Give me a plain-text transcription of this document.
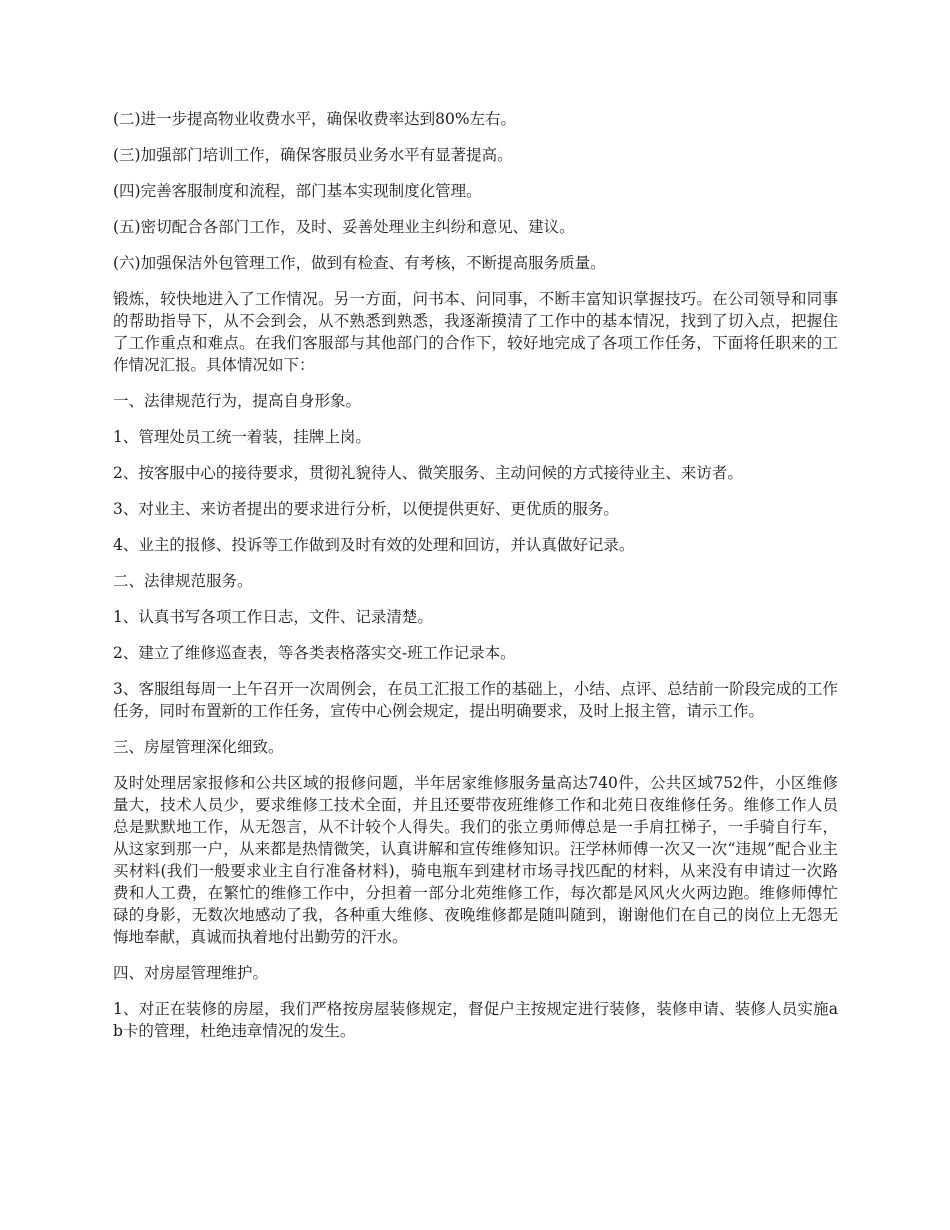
(二)进一步提高物业收费水平，确保收费率达到80%左右。

(三)加强部门培训工作，确保客服员业务水平有显著提高。

(四)完善客服制度和流程，部门基本实现制度化管理。

(五)密切配合各部门工作，及时、妥善处理业主纠纷和意见、建议。

(六)加强保洁外包管理工作，做到有检查、有考核，不断提高服务质量。

锻炼，较快地进入了工作情况。另一方面，问书本、问同事，不断丰富知识掌握技巧。在公司领导和同事的帮助指导下，从不会到会，从不熟悉到熟悉，我逐渐摸清了工作中的基本情况，找到了切入点，把握住了工作重点和难点。在我们客服部与其他部门的合作下，较好地完成了各项工作任务，下面将任职来的工作情况汇报。具体情况如下：

一、法律规范行为，提高自身形象。

1、管理处员工统一着装，挂牌上岗。

2、按客服中心的接待要求，贯彻礼貌待人、微笑服务、主动问候的方式接待业主、来访者。

3、对业主、来访者提出的要求进行分析，以便提供更好、更优质的服务。

4、业主的报修、投诉等工作做到及时有效的处理和回访，并认真做好记录。

二、法律规范服务。

1、认真书写各项工作日志，文件、记录清楚。

2、建立了维修巡查表，等各类表格落实交-班工作记录本。

3、客服组每周一上午召开一次周例会，在员工汇报工作的基础上，小结、点评、总结前一阶段完成的工作任务，同时布置新的工作任务，宣传中心例会规定，提出明确要求，及时上报主管，请示工作。

三、房屋管理深化细致。

及时处理居家报修和公共区域的报修问题，半年居家维修服务量高达740件，公共区域752件，小区维修量大，技术人员少，要求维修工技术全面，并且还要带夜班维修工作和北苑日夜维修任务。维修工作人员总是默默地工作，从无怨言，从不计较个人得失。我们的张立勇师傅总是一手肩扛梯子，一手骑自行车，从这家到那一户，从来都是热情微笑，认真讲解和宣传维修知识。汪学林师傅一次又一次“违规”配合业主买材料(我们一般要求业主自行准备材料)，骑电瓶车到建材市场寻找匹配的材料，从来没有申请过一次路费和人工费，在繁忙的维修工作中，分担着一部分北苑维修工作，每次都是风风火火两边跑。维修师傅忙碌的身影，无数次地感动了我，各种重大维修、夜晚维修都是随叫随到，谢谢他们在自己的岗位上无怨无悔地奉献，真诚而执着地付出勤劳的汗水。

四、对房屋管理维护。

1、对正在装修的房屋，我们严格按房屋装修规定，督促户主按规定进行装修，装修申请、装修人员实施ab卡的管理，杜绝违章情况的发生。
